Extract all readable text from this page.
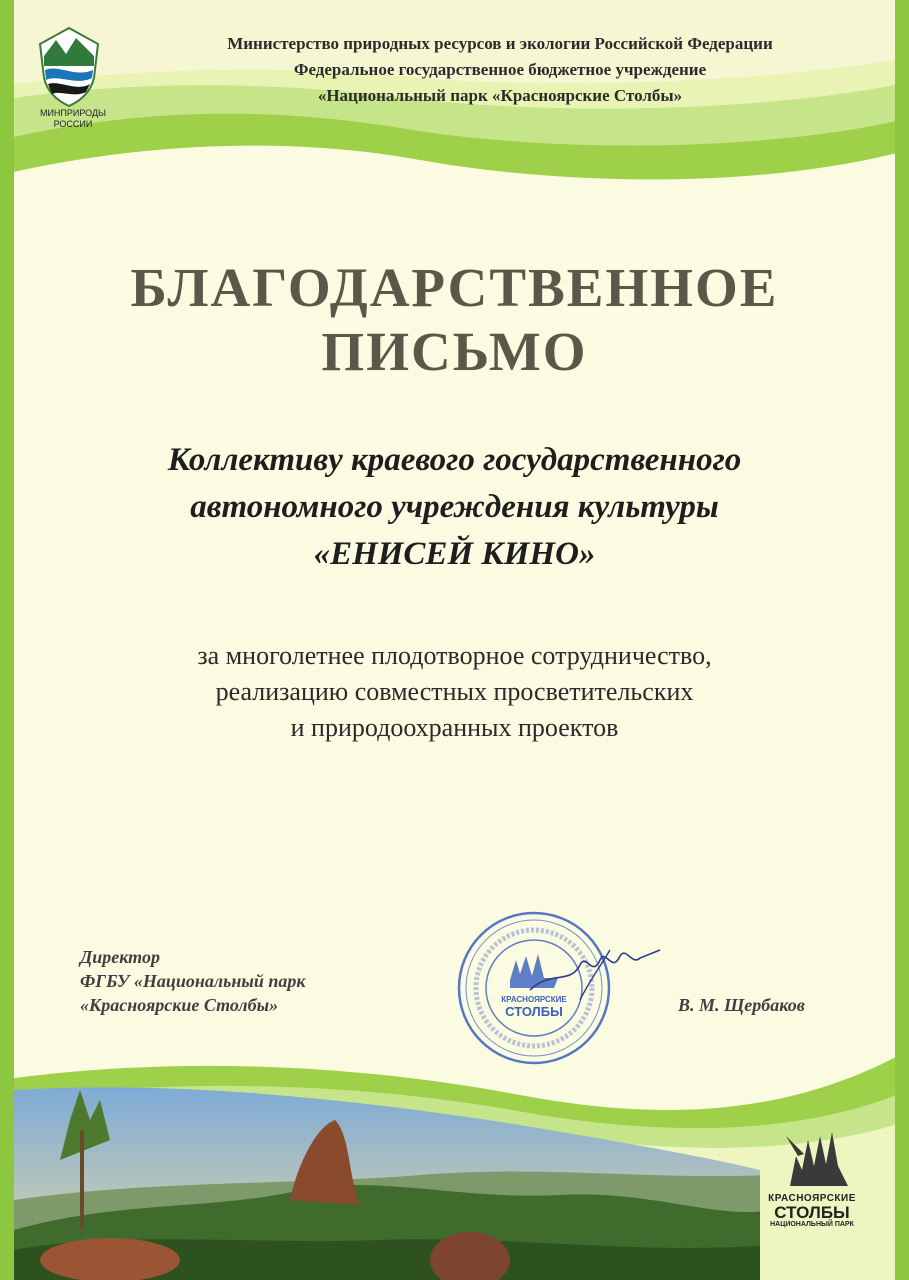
МИНПРИРОДЫ
РОССИИ
Министерство природных ресурсов и экологии Российской Федерации
Федеральное государственное бюджетное учреждение
«Национальный парк «Красноярские Столбы»
БЛАГОДАРСТВЕННОЕ
ПИСЬМО
Коллективу краевого государственного
автономного учреждения культуры
«ЕНИСЕЙ КИНО»
за многолетнее плодотворное сотрудничество,
реализацию совместных просветительских
и природоохранных проектов
Директор
ФГБУ «Национальный парк
«Красноярские Столбы»	В. М. Щербаков
КРАСНОЯРСКИЕ
СТОЛБЫ
КРАСНОЯРСКИЕ
СТОЛБЫ
НАЦИОНАЛЬНЫЙ ПАРК
